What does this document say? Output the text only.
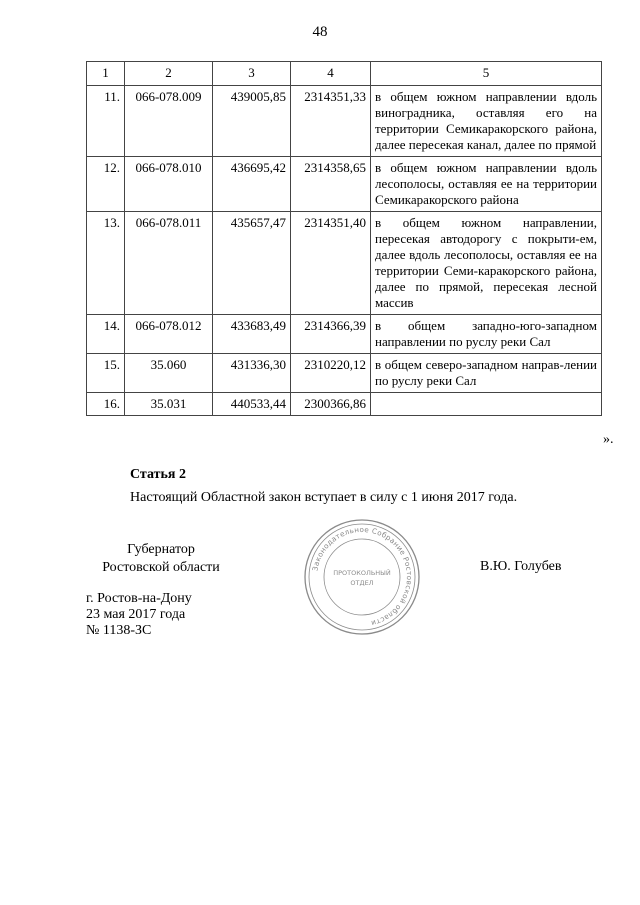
48
1	2	3	4	5
11.	066-078.009	439005,85	2314351,33	в общем южном направлении вдоль виноградника, оставляя его на территории Семикаракорского района, далее пересекая канал, далее по прямой
12.	066-078.010	436695,42	2314358,65	в общем южном направлении вдоль лесополосы, оставляя ее на территории Семикаракорского района
13.	066-078.011	435657,47	2314351,40	в общем южном направлении, пересекая автодорогу с покрыти-ем, далее вдоль лесополосы, оставляя ее на территории Семи-каракорского района, далее по прямой, пересекая лесной массив
14.	066-078.012	433683,49	2314366,39	в общем западно-юго-западном направлении по руслу реки Сал
15.	35.060	431336,30	2310220,12	в общем северо-западном направ-лении по руслу реки Сал
16.	35.031	440533,44	2300366,86	
».
Статья 2
Настоящий Областной закон вступает в силу с 1 июня 2017 года.
Губернатор
Ростовской области	В.Ю. Голубев
г. Ростов-на-Дону
23 мая 2017 года
№ 1138-ЗС
Законодательное Собрание Ростовской области
ПРОТОКОЛЬНЫЙ
ОТДЕЛ
